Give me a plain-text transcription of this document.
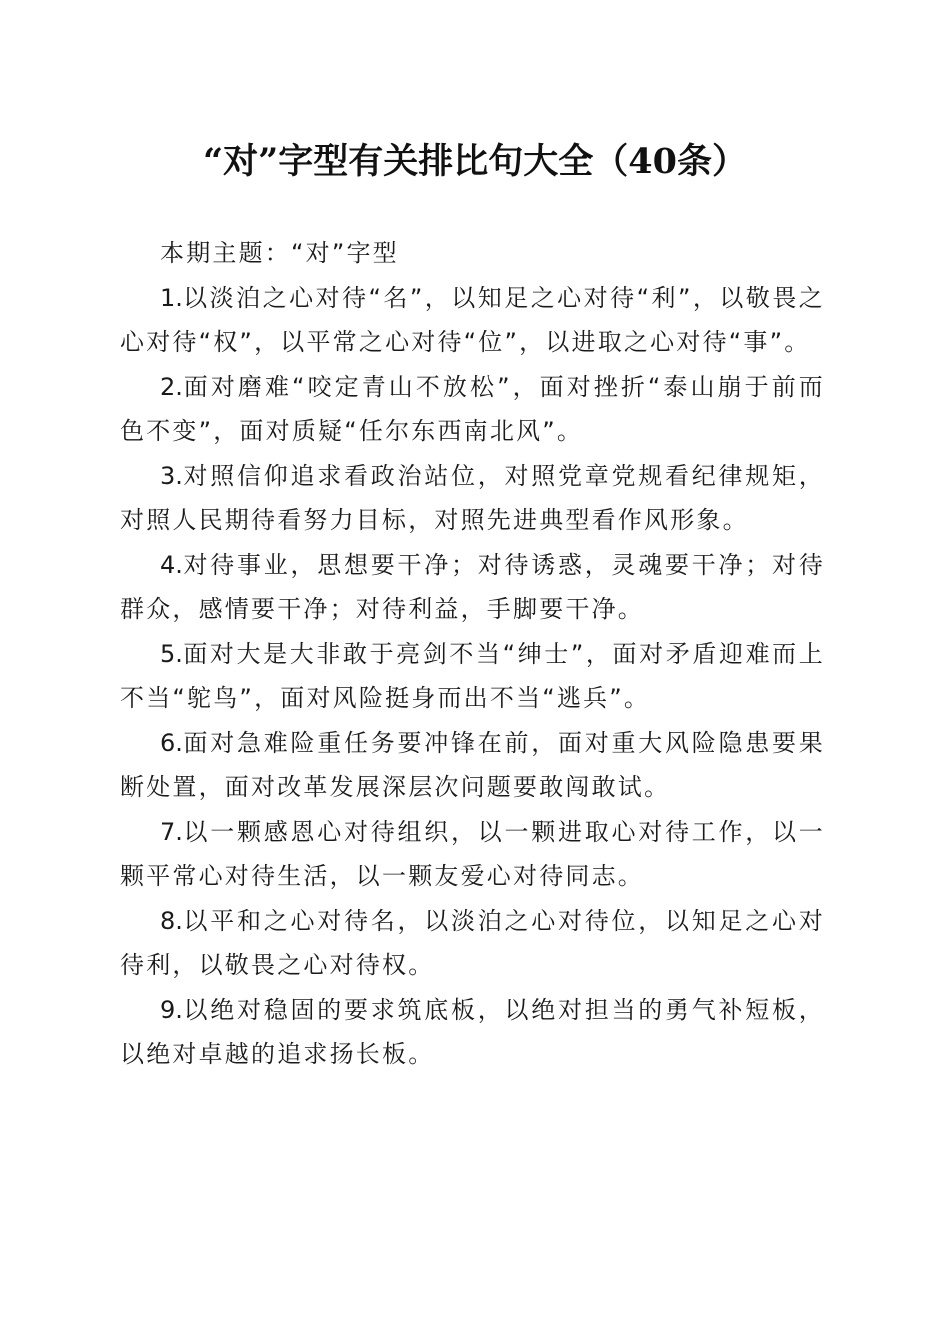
“对”字型有关排比句大全（40条）

本期主题：“对”字型

1.以淡泊之心对待“名”，以知足之心对待“利”，以敬畏之心对待“权”，以平常之心对待“位”，以进取之心对待“事”。

2.面对磨难“咬定青山不放松”，面对挫折“泰山崩于前而色不变”，面对质疑“任尔东西南北风”。

3.对照信仰追求看政治站位，对照党章党规看纪律规矩，对照人民期待看努力目标，对照先进典型看作风形象。

4.对待事业，思想要干净；对待诱惑，灵魂要干净；对待群众，感情要干净；对待利益，手脚要干净。

5.面对大是大非敢于亮剑不当“绅士”，面对矛盾迎难而上不当“鸵鸟”，面对风险挺身而出不当“逃兵”。

6.面对急难险重任务要冲锋在前，面对重大风险隐患要果断处置，面对改革发展深层次问题要敢闯敢试。

7.以一颗感恩心对待组织，以一颗进取心对待工作，以一颗平常心对待生活，以一颗友爱心对待同志。

8.以平和之心对待名，以淡泊之心对待位，以知足之心对待利，以敬畏之心对待权。

9.以绝对稳固的要求筑底板，以绝对担当的勇气补短板，以绝对卓越的追求扬长板。
